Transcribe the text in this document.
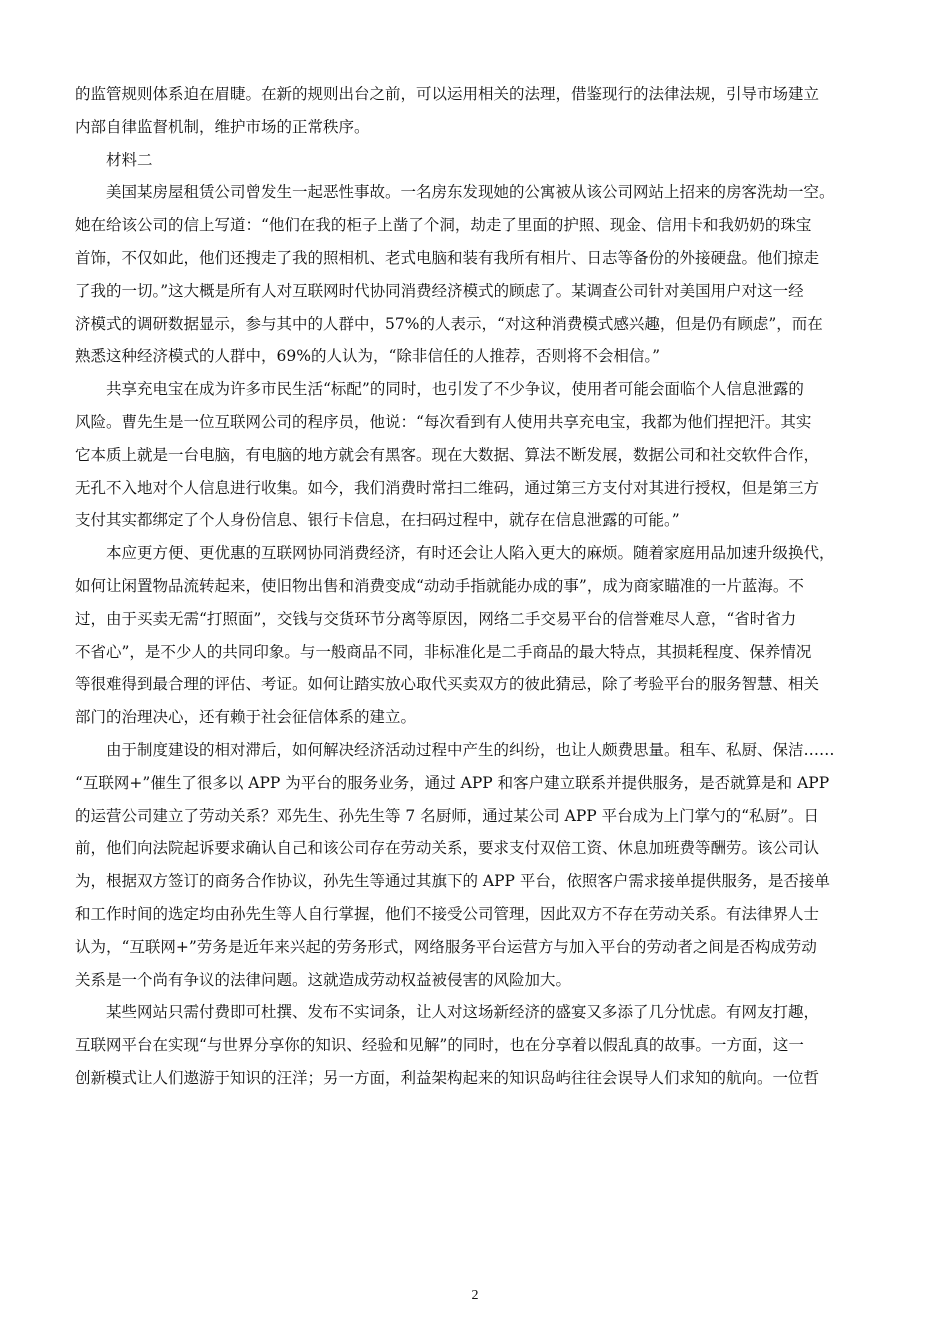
的监管规则体系迫在眉睫。在新的规则出台之前，可以运用相关的法理，借鉴现行的法律法规，引导市场建立
内部自律监督机制，维护市场的正常秩序。

材料二

美国某房屋租赁公司曾发生一起恶性事故。一名房东发现她的公寓被从该公司网站上招来的房客洗劫一空。
她在给该公司的信上写道：“他们在我的柜子上凿了个洞，劫走了里面的护照、现金、信用卡和我奶奶的珠宝
首饰，不仅如此，他们还搜走了我的照相机、老式电脑和装有我所有相片、日志等备份的外接硬盘。他们掠走
了我的一切。”这大概是所有人对互联网时代协同消费经济模式的顾虑了。某调查公司针对美国用户对这一经
济模式的调研数据显示，参与其中的人群中，57%的人表示，“对这种消费模式感兴趣，但是仍有顾虑”，而在
熟悉这种经济模式的人群中，69%的人认为，“除非信任的人推荐，否则将不会相信。”

共享充电宝在成为许多市民生活“标配”的同时，也引发了不少争议，使用者可能会面临个人信息泄露的
风险。曹先生是一位互联网公司的程序员，他说：“每次看到有人使用共享充电宝，我都为他们捏把汗。其实
它本质上就是一台电脑，有电脑的地方就会有黑客。现在大数据、算法不断发展，数据公司和社交软件合作，
无孔不入地对个人信息进行收集。如今，我们消费时常扫二维码，通过第三方支付对其进行授权，但是第三方
支付其实都绑定了个人身份信息、银行卡信息，在扫码过程中，就存在信息泄露的可能。”

本应更方便、更优惠的互联网协同消费经济，有时还会让人陷入更大的麻烦。随着家庭用品加速升级换代，
如何让闲置物品流转起来，使旧物出售和消费变成“动动手指就能办成的事”，成为商家瞄准的一片蓝海。不
过，由于买卖无需“打照面”，交钱与交货环节分离等原因，网络二手交易平台的信誉难尽人意，“省时省力
不省心”，是不少人的共同印象。与一般商品不同，非标准化是二手商品的最大特点，其损耗程度、保养情况
等很难得到最合理的评估、考证。如何让踏实放心取代买卖双方的彼此猜忌，除了考验平台的服务智慧、相关
部门的治理决心，还有赖于社会征信体系的建立。

由于制度建设的相对滞后，如何解决经济活动过程中产生的纠纷，也让人颇费思量。租车、私厨、保洁……
“互联网+”催生了很多以 APP 为平台的服务业务，通过 APP 和客户建立联系并提供服务，是否就算是和 APP
的运营公司建立了劳动关系？邓先生、孙先生等 7 名厨师，通过某公司 APP 平台成为上门掌勺的“私厨”。日
前，他们向法院起诉要求确认自己和该公司存在劳动关系，要求支付双倍工资、休息加班费等酬劳。该公司认
为，根据双方签订的商务合作协议，孙先生等通过其旗下的 APP 平台，依照客户需求接单提供服务，是否接单
和工作时间的选定均由孙先生等人自行掌握，他们不接受公司管理，因此双方不存在劳动关系。有法律界人士
认为，“互联网+”劳务是近年来兴起的劳务形式，网络服务平台运营方与加入平台的劳动者之间是否构成劳动
关系是一个尚有争议的法律问题。这就造成劳动权益被侵害的风险加大。

某些网站只需付费即可杜撰、发布不实词条，让人对这场新经济的盛宴又多添了几分忧虑。有网友打趣，
互联网平台在实现“与世界分享你的知识、经验和见解”的同时，也在分享着以假乱真的故事。一方面，这一
创新模式让人们遨游于知识的汪洋；另一方面，利益架构起来的知识岛屿往往会误导人们求知的航向。一位哲

2
